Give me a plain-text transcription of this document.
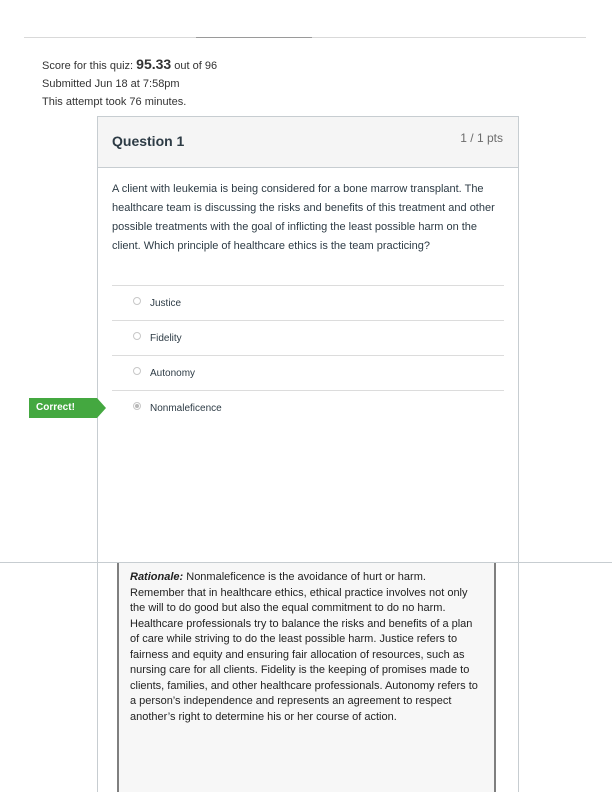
Score for this quiz: 95.33 out of 96
Submitted Jun 18 at 7:58pm
This attempt took 76 minutes.
Question 1	1 / 1 pts
A client with leukemia is being considered for a bone marrow transplant. The healthcare team is discussing the risks and benefits of this treatment and other possible treatments with the goal of inflicting the least possible harm on the client. Which principle of healthcare ethics is the team practicing?
Justice
Fidelity
Autonomy
Nonmaleficence
Correct!
Rationale: Nonmaleficence is the avoidance of hurt or harm. Remember that in healthcare ethics, ethical practice involves not only the will to do good but also the equal commitment to do no harm. Healthcare professionals try to balance the risks and benefits of a plan of care while striving to do the least possible harm. Justice refers to fairness and equity and ensuring fair allocation of resources, such as nursing care for all clients. Fidelity is the keeping of promises made to clients, families, and other healthcare professionals. Autonomy refers to a person’s independence and represents an agreement to respect another’s right to determine his or her course of action.
